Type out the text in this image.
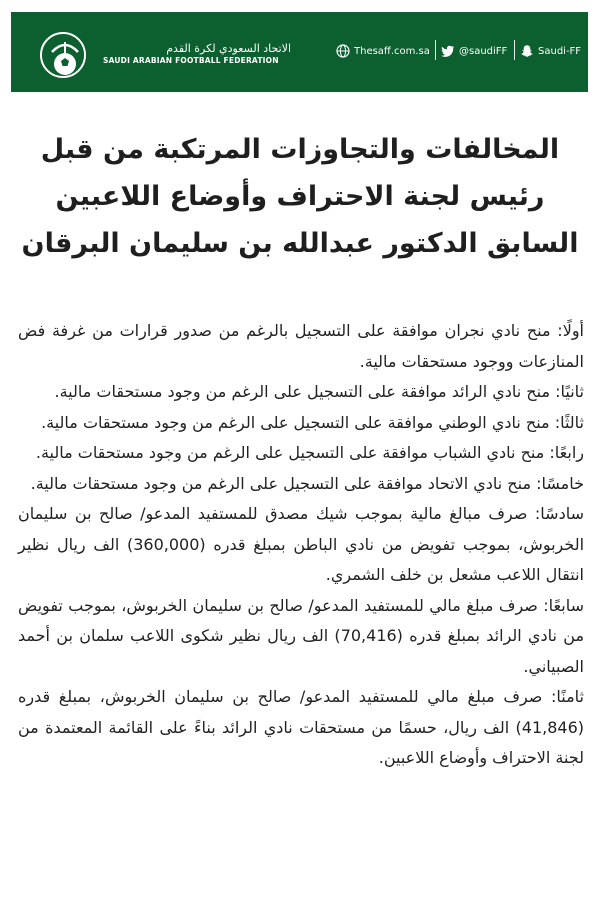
الاتحاد السعودي لكرة القدم
SAUDI ARABIAN FOOTBALL FEDERATION
Thesaff.com.sa	@saudiFF	Saudi-FF
المخالفات والتجاوزات المرتكبة من قبل رئيس لجنة الاحتراف وأوضاع اللاعبين السابق الدكتور عبدالله بن سليمان البرقان

أولًا: منح نادي نجران موافقة على التسجيل بالرغم من صدور قرارات من غرفة فض المنازعات ووجود مستحقات مالية.

ثانيًا: منح نادي الرائد موافقة على التسجيل على الرغم من وجود مستحقات مالية.

ثالثًا: منح نادي الوطني موافقة على التسجيل على الرغم من وجود مستحقات مالية.

رابعًا: منح نادي الشباب موافقة على التسجيل على الرغم من وجود مستحقات مالية.

خامسًا: منح نادي الاتحاد موافقة على التسجيل على الرغم من وجود مستحقات مالية.

سادسًا: صرف مبالغ مالية بموجب شيك مصدق للمستفيد المدعو/ صالح بن سليمان الخربوش، بموجب تفويض من نادي الباطن بمبلغ قدره (360,000) الف ريال نظير انتقال اللاعب مشعل بن خلف الشمري.

سابعًا: صرف مبلغ مالي للمستفيد المدعو/ صالح بن سليمان الخربوش، بموجب تفويض من نادي الرائد بمبلغ قدره (70,416) الف ريال نظير شكوى اللاعب سلمان بن أحمد الصبياني.

ثامنًا: صرف مبلغ مالي للمستفيد المدعو/ صالح بن سليمان الخربوش، بمبلغ قدره (41,846) الف ريال، حسمًا من مستحقات نادي الرائد بناءً على القائمة المعتمدة من لجنة الاحتراف وأوضاع اللاعبين.
